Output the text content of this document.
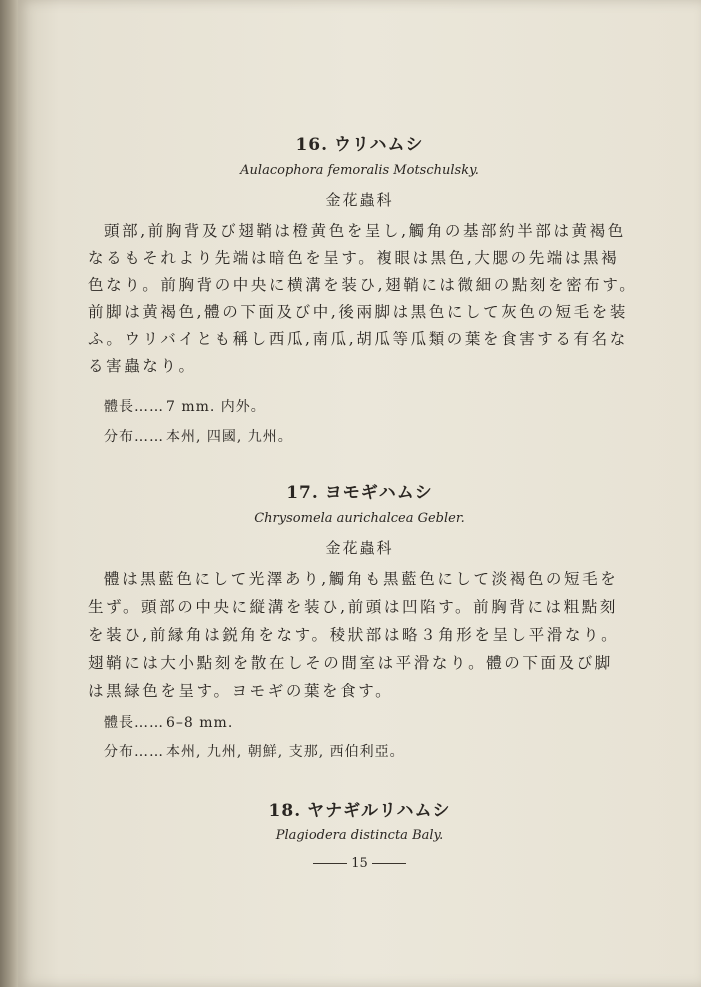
16. ウリハムシ
Aulacophora femoralis Motschulsky.
金花蟲科
頭部,前胸背及び翅鞘は橙黄色を呈し,觸角の基部約半部は黄褐色
なるもそれより先端は暗色を呈す。複眼は黒色,大腮の先端は黒褐
色なり。前胸背の中央に横溝を装ひ,翅鞘には微細の點刻を密布す。
前脚は黄褐色,體の下面及び中,後兩脚は黒色にして灰色の短毛を装
ふ。ウリバイとも稱し西瓜,南瓜,胡瓜等瓜類の葉を食害する有名な
る害蟲なり。
體長…… 7 mm. 内外。
分布…… 本州, 四國, 九州。
17. ヨモギハムシ
Chrysomela aurichalcea Gebler.
金花蟲科
體は黒藍色にして光澤あり,觸角も黒藍色にして淡褐色の短毛を
生ず。頭部の中央に縦溝を装ひ,前頭は凹陷す。前胸背には粗點刻
を装ひ,前縁角は鋭角をなす。稜狀部は略３角形を呈し平滑なり。
翅鞘には大小點刻を散在しその間室は平滑なり。體の下面及び脚
は黒緑色を呈す。ヨモギの葉を食す。
體長…… 6–8 mm.
分布…… 本州, 九州, 朝鮮, 支那, 西伯利亞。
18. ヤナギルリハムシ
Plagiodera distincta Baly.
15
